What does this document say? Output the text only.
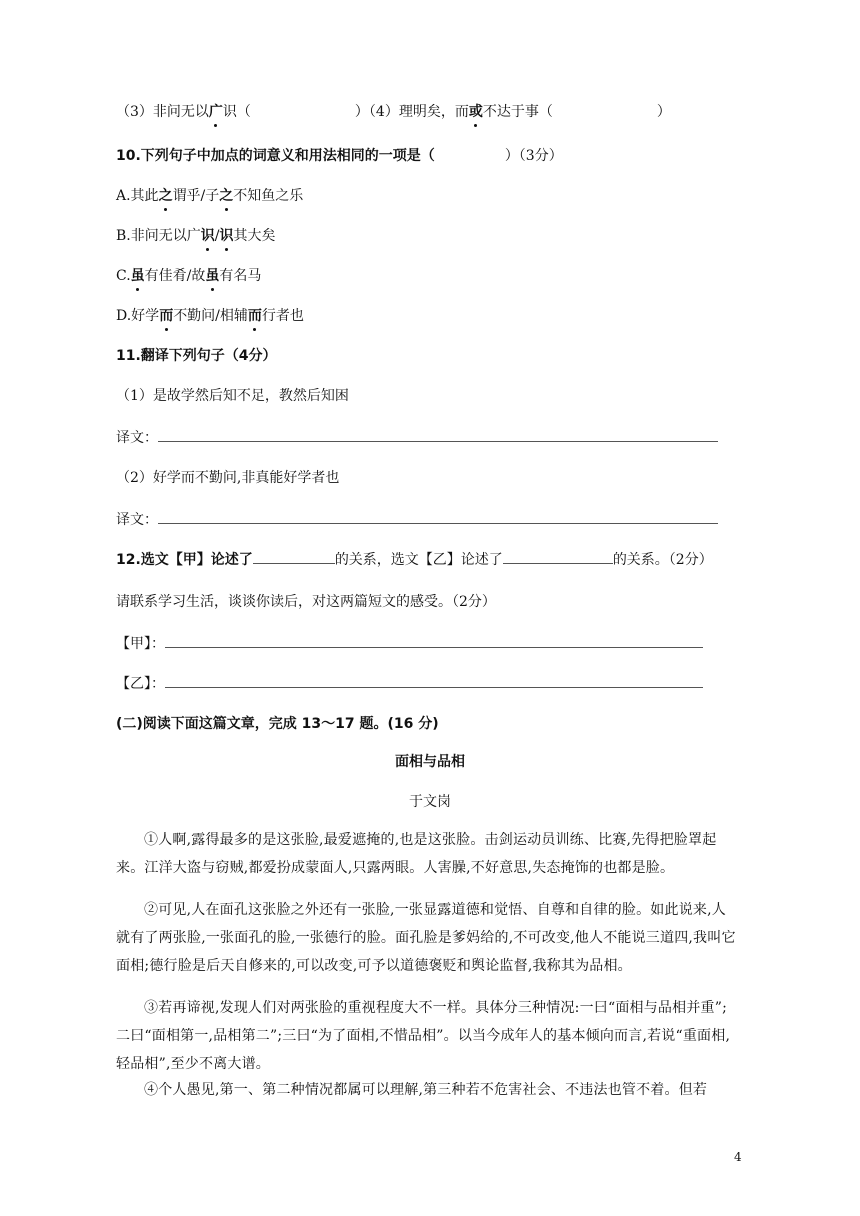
（3）非问无以广识（	）（4）理明矣，而或不达于事（	）
10.下列句子中加点的词意义和用法相同的一项是（	）（3分）
A.其此之谓乎/子之不知鱼之乐
B.非问无以广识/识其大矣
C.虽有佳肴/故虽有名马
D.好学而不勤问/相辅而行者也
11.翻译下列句子（4分）
（1）是故学然后知不足，教然后知困
译文：
（2）好学而不勤问,非真能好学者也
译文：
12.选文【甲】论述了	的关系，选文【乙】论述了	的关系。（2分）
请联系学习生活，谈谈你读后，对这两篇短文的感受。（2分）
【甲】：
【乙】：
(二)阅读下面这篇文章，完成 13～17 题。(16 分)
面相与品相
于文岗
①人啊,露得最多的是这张脸,最爱遮掩的,也是这张脸。击剑运动员训练、比赛,先得把脸罩起来。江洋大盗与窃贼,都爱扮成蒙面人,只露两眼。人害臊,不好意思,失态掩饰的也都是脸。
②可见,人在面孔这张脸之外还有一张脸,一张显露道德和觉悟、自尊和自律的脸。如此说来,人就有了两张脸,一张面孔的脸,一张德行的脸。面孔脸是爹妈给的,不可改变,他人不能说三道四,我叫它面相;德行脸是后天自修来的,可以改变,可予以道德褒贬和舆论监督,我称其为品相。
③若再谛视,发现人们对两张脸的重视程度大不一样。具体分三种情况:一曰“面相与品相并重”;二曰“面相第一,品相第二”;三曰“为了面相,不惜品相”。以当今成年人的基本倾向而言,若说“重面相,轻品相”,至少不离大谱。
④个人愚见,第一、第二种情况都属可以理解,第三种若不危害社会、不违法也管不着。但若
4
